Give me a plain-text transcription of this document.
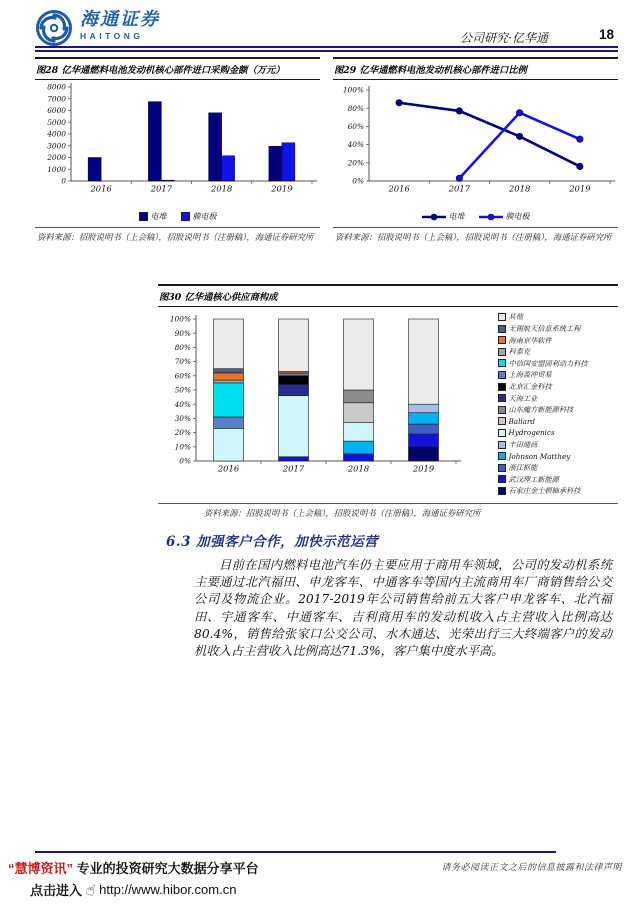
海通证券
HAITONG	公司研究·亿华通	18
图28 亿华通燃料电池发动机核心部件进口采购金额（万元）
0
1000
2000
3000
4000
5000
6000
7000
8000
2016	2017	2018	2019
电堆	膜电极
资料来源：招股说明书（上会稿），招股说明书（注册稿），海通证券研究所
图29 亿华通燃料电池发动机核心部件进口比例
0%
20%
40%
60%
80%
100%
2016	2017	2018	2019
电堆	膜电极
资料来源：招股说明书（上会稿），招股说明书（注册稿），海通证券研究所
图30 亿华通核心供应商构成
0%
10%
20%
30%
40%
50%
60%
70%
80%
90%
100%
2016	2017	2018	2019
其他
无锡航天信息系统工程
海南京华软件
科泰克
中信国安盟固利动力科技
上海盈冲贸易
北京汇金科技
天海工业
山东魔方新能源科技
Ballard
Hydrogenics
丰田通商
Johnson Matthey
浙江枢能
武汉理工新能源
石家庄金士顿轴承科技
资料来源：招股说明书（上会稿），招股说明书（注册稿），海通证券研究所
6.3 加强客户合作，加快示范运营
目前在国内燃料电池汽车仍主要应用于商用车领域，公司的发动机系统主要通过北汽福田、申龙客车、中通客车等国内主流商用车厂商销售给公交公司及物流企业。2017-2019年公司销售给前五大客户申龙客车、北汽福田、宇通客车、中通客车、吉利商用车的发动机收入占主营收入比例高达80.4%，销售给张家口公交公司、水木通达、光荣出行三大终端客户的发动机收入占主营收入比例高达71.3%，客户集中度水平高。
“慧博资讯” 专业的投资研究大数据分享平台
点击进入 ☝ http://www.hibor.com.cn
请务必阅读正文之后的信息披露和法律声明
